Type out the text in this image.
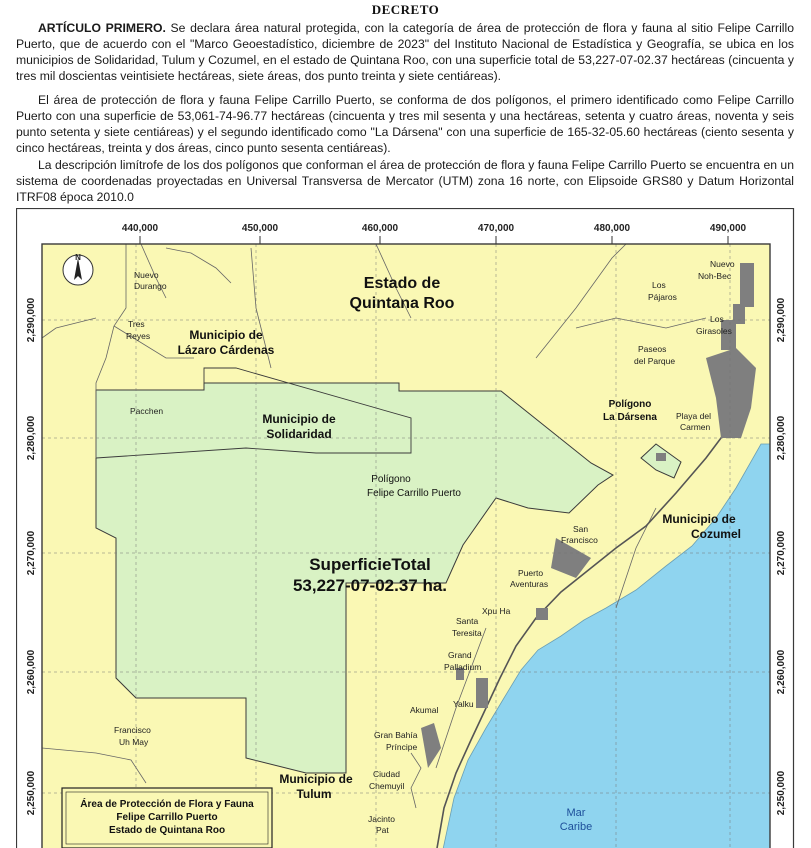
DECRETO

ARTÍCULO PRIMERO. Se declara área natural protegida, con la categoría de área de protección de flora y fauna al sitio Felipe Carrillo Puerto, que de acuerdo con el "Marco Geoestadístico, diciembre de 2023" del Instituto Nacional de Estadística y Geografía, se ubica en los municipios de Solidaridad, Tulum y Cozumel, en el estado de Quintana Roo, con una superficie total de 53,227-07-02.37 hectáreas (cincuenta y tres mil doscientas veintisiete hectáreas, siete áreas, dos punto treinta y siete centiáreas).

El área de protección de flora y fauna Felipe Carrillo Puerto, se conforma de dos polígonos, el primero identificado como Felipe Carrillo Puerto con una superficie de 53,061-74-96.77 hectáreas (cincuenta y tres mil sesenta y una hectáreas, setenta y cuatro áreas, noventa y seis punto setenta y siete centiáreas) y el segundo identificado como "La Dársena" con una superficie de 165-32-05.60 hectáreas (ciento sesenta y cinco hectáreas, treinta y dos áreas, cinco punto sesenta centiáreas).

La descripción limítrofe de los dos polígonos que conforman el área de protección de flora y fauna Felipe Carrillo Puerto se encuentra en un sistema de coordenadas proyectadas en Universal Transversa de Mercator (UTM) zona 16 norte, con Elipsoide GRS80 y Datum Horizontal ITRF08 época 2010.0

440,000	450,000	460,000	470,000	480,000	490,000
2,290,000
2,280,000
2,270,000
2,260,000
2,250,000
2,290,000
2,280,000
2,270,000
2,260,000
2,250,000
N
Estado de
Quintana Roo
Municipio de
Lázaro Cárdenas
Municipio de
Solidaridad
Municipio de
Cozumel
Municipio de
Tulum
Polígono
Felipe Carrillo Puerto
Polígono
La Dársena
SuperficieTotal
53,227-07-02.37 ha.
Nuevo
Durango
Tres
Reyes
Pacchen
Francisco
Uh May
Nuevo
Noh-Bec
Los
Pájaros
Los
Girasoles
Paseos
del Parque
Playa del
Carmen
San
Francisco
Puerto
Aventuras
Xpu Ha
Santa
Teresita
Grand
Palladium
Akumal
Yalku
Gran Bahía
Príncipe
Ciudad
Chemuyil
Jacinto
Pat
Mar
Caribe
Área de Protección de Flora y Fauna
Felipe Carrillo Puerto
Estado de Quintana Roo
